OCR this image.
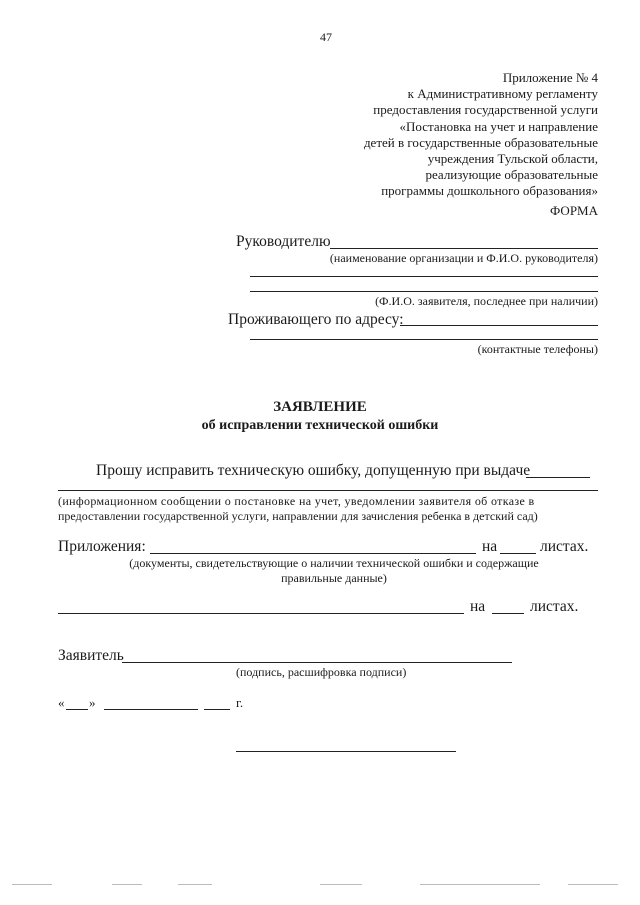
47
Приложение № 4
к Административному регламенту
предоставления государственной услуги
«Постановка на учет и направление
детей в государственные образовательные
учреждения Тульской области,
реализующие образовательные
программы дошкольного образования»
ФОРМА
Руководителю
(наименование организации и Ф.И.О. руководителя)
(Ф.И.О. заявителя, последнее при наличии)
Проживающего по адресу:
(контактные телефоны)
ЗАЯВЛЕНИЕ
об исправлении технической ошибки
Прошу исправить техническую ошибку, допущенную при выдаче
(информационном сообщении о постановке на учет, уведомлении заявителя об отказе в
предоставлении государственной услуги, направлении для зачисления ребенка в детский сад)
Приложения:	на	листах.
(документы, свидетельствующие о наличии технической ошибки и содержащие
правильные данные)
на	листах.
Заявитель
(подпись, расшифровка подписи)
« »	г.
